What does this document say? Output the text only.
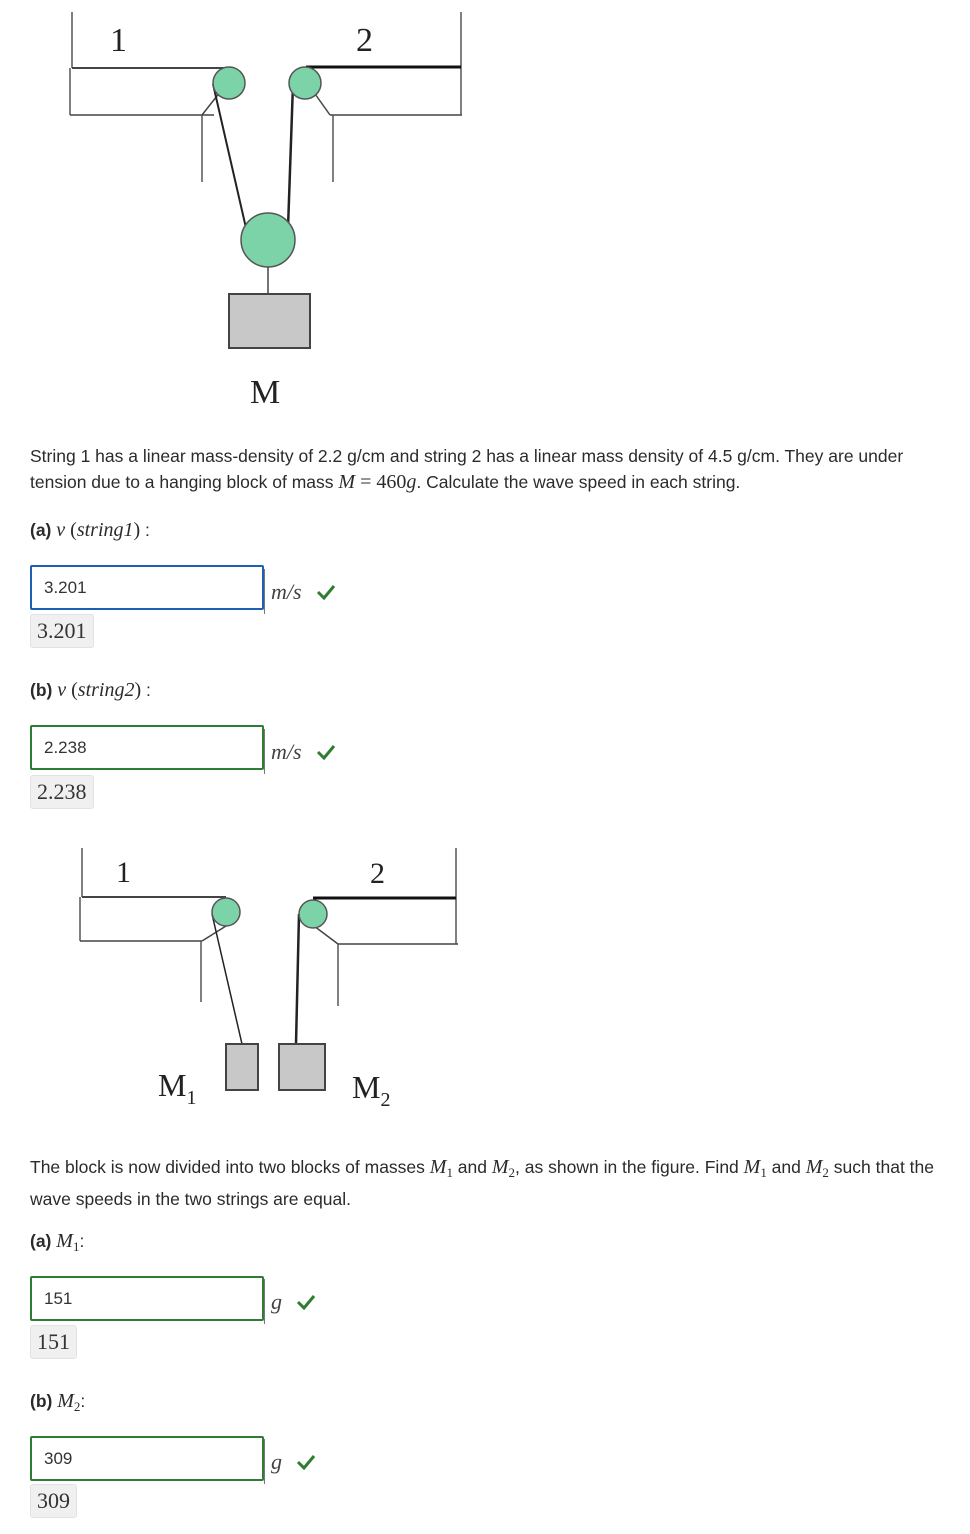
1	2
M

String 1 has a linear mass-density of 2.2 g/cm and string 2 has a linear mass density of 4.5 g/cm. They are under tension due to a hanging block of mass M = 460g. Calculate the wave speed in each string.

(a) v (string1) :
3.201
m/s
3.201
(b) v (string2) :
2.238
m/s
2.238
1	2
$M_1$	$M_2$

The block is now divided into two blocks of masses $M_1$ and $M_2$, as shown in the figure. Find $M_1$ and $M_2$ such that the wave speeds in the two strings are equal.

(a) $M_1$:
151
g
151
(b) $M_2$:
309
g
309
